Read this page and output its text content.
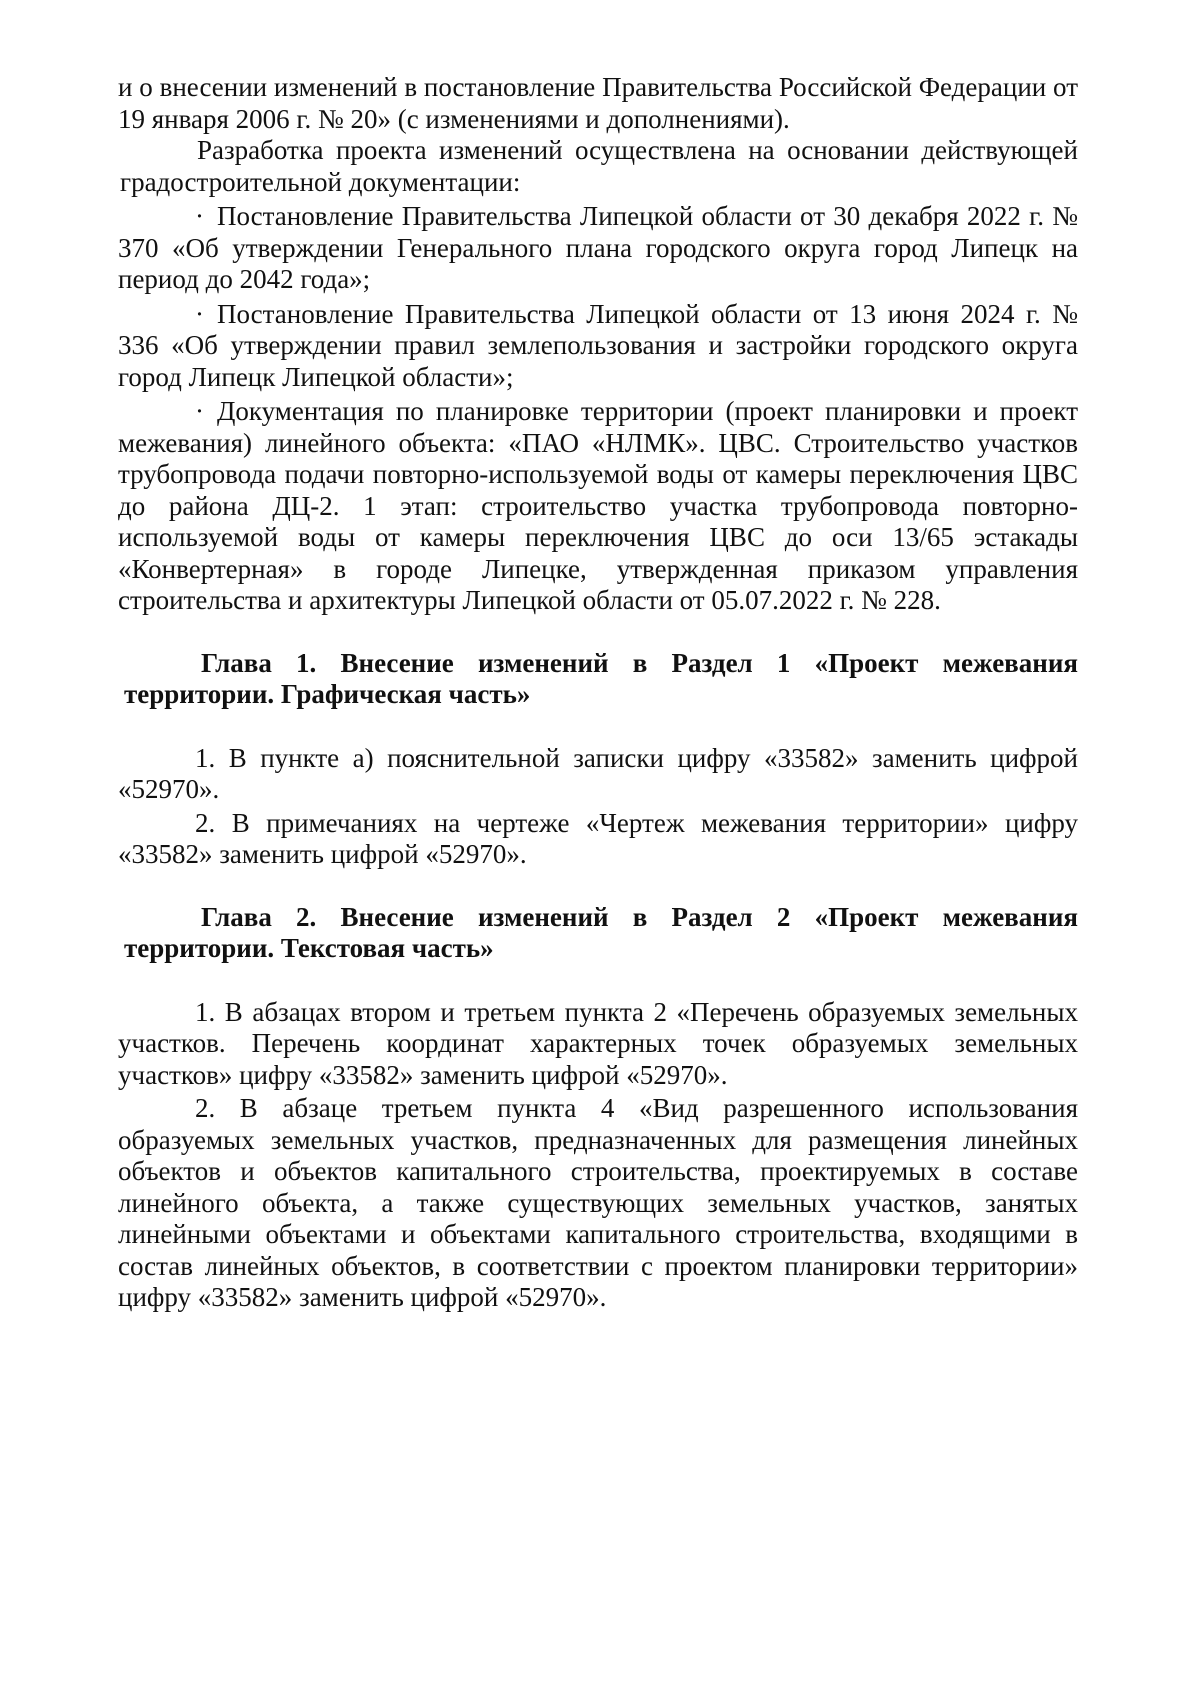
и о внесении изменений в постановление Правительства Российской Федерации от 19 января 2006 г. № 20» (с изменениями и дополнениями).

Разработка проекта изменений осуществлена на основании действующей градостроительной документации:

· Постановление Правительства Липецкой области от 30 декабря 2022 г. № 370 «Об утверждении Генерального плана городского округа город Липецк на период до 2042 года»;

· Постановление Правительства Липецкой области от 13 июня 2024 г. № 336 «Об утверждении правил землепользования и застройки городского округа город Липецк Липецкой области»;

· Документация по планировке территории (проект планировки и проект межевания) линейного объекта: «ПАО «НЛМК». ЦВС. Строительство участков трубопровода подачи повторно-используемой воды от камеры переключения ЦВС до района ДЦ-2. 1 этап: строительство участка трубопровода повторно-используемой воды от камеры переключения ЦВС до оси 13/65 эстакады «Конвертерная» в городе Липецке, утвержденная приказом управления строительства и архитектуры Липецкой области от 05.07.2022 г. № 228.

Глава 1. Внесение изменений в Раздел 1 «Проект межевания территории. Графическая часть»

1. В пункте а) пояснительной записки цифру «33582» заменить цифрой «52970».

2. В примечаниях на чертеже «Чертеж межевания территории» цифру «33582» заменить цифрой «52970».

Глава 2. Внесение изменений в Раздел 2 «Проект межевания территории. Текстовая часть»

1. В абзацах втором и третьем пункта 2 «Перечень образуемых земельных участков. Перечень координат характерных точек образуемых земельных участков» цифру «33582» заменить цифрой «52970».

2. В абзаце третьем пункта 4 «Вид разрешенного использования образуемых земельных участков, предназначенных для размещения линейных объектов и объектов капитального строительства, проектируемых в составе линейного объекта, а также существующих земельных участков, занятых линейными объектами и объектами капитального строительства, входящими в состав линейных объектов, в соответствии с проектом планировки территории» цифру «33582» заменить цифрой «52970».
